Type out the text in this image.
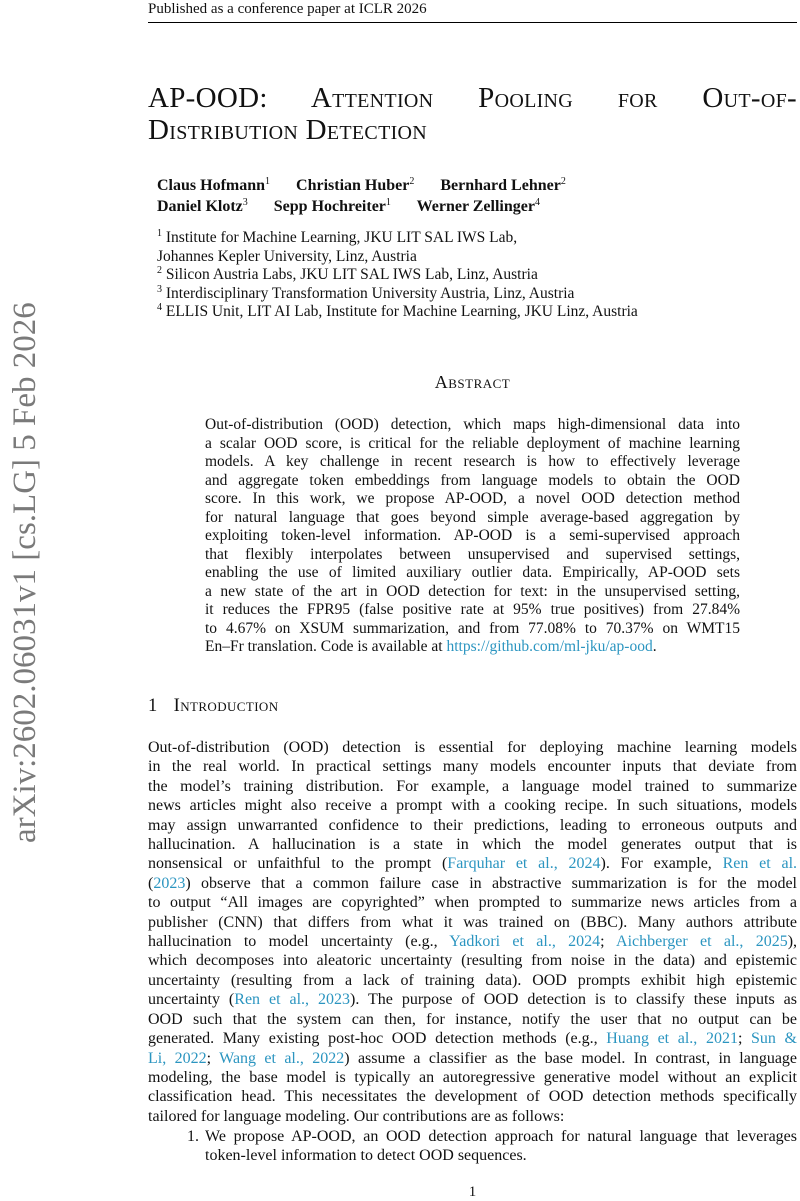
Published as a conference paper at ICLR 2026
arXiv:2602.06031v1 [cs.LG] 5 Feb 2026
AP-OOD: Attention Pooling for Out-of-
Distribution Detection
Claus Hofmann$^1$ Christian Huber$^2$ Bernhard Lehner$^2$
Daniel Klotz$^3$ Sepp Hochreiter$^1$ Werner Zellinger$^4$
$^1$ Institute for Machine Learning, JKU LIT SAL IWS Lab,
Johannes Kepler University, Linz, Austria
$^2$ Silicon Austria Labs, JKU LIT SAL IWS Lab, Linz, Austria
$^3$ Interdisciplinary Transformation University Austria, Linz, Austria
$^4$ ELLIS Unit, LIT AI Lab, Institute for Machine Learning, JKU Linz, Austria
Abstract
Out-of-distribution (OOD) detection, which maps high-dimensional data into
a scalar OOD score, is critical for the reliable deployment of machine learning
models. A key challenge in recent research is how to effectively leverage
and aggregate token embeddings from language models to obtain the OOD
score. In this work, we propose AP-OOD, a novel OOD detection method
for natural language that goes beyond simple average-based aggregation by
exploiting token-level information. AP-OOD is a semi-supervised approach
that flexibly interpolates between unsupervised and supervised settings,
enabling the use of limited auxiliary outlier data. Empirically, AP-OOD sets
a new state of the art in OOD detection for text: in the unsupervised setting,
it reduces the FPR95 (false positive rate at 95% true positives) from 27.84%
to 4.67% on XSUM summarization, and from 77.08% to 70.37% on WMT15
En–Fr translation. Code is available at https://github.com/ml-jku/ap-ood.
1 Introduction
Out-of-distribution (OOD) detection is essential for deploying machine learning models
in the real world. In practical settings many models encounter inputs that deviate from
the model’s training distribution. For example, a language model trained to summarize
news articles might also receive a prompt with a cooking recipe. In such situations, models
may assign unwarranted confidence to their predictions, leading to erroneous outputs and
hallucination. A hallucination is a state in which the model generates output that is
nonsensical or unfaithful to the prompt (Farquhar et al., 2024). For example, Ren et al.
(2023) observe that a common failure case in abstractive summarization is for the model
to output “All images are copyrighted” when prompted to summarize news articles from a
publisher (CNN) that differs from what it was trained on (BBC). Many authors attribute
hallucination to model uncertainty (e.g., Yadkori et al., 2024; Aichberger et al., 2025),
which decomposes into aleatoric uncertainty (resulting from noise in the data) and epistemic
uncertainty (resulting from a lack of training data). OOD prompts exhibit high epistemic
uncertainty (Ren et al., 2023). The purpose of OOD detection is to classify these inputs as
OOD such that the system can then, for instance, notify the user that no output can be
generated. Many existing post-hoc OOD detection methods (e.g., Huang et al., 2021; Sun &
Li, 2022; Wang et al., 2022) assume a classifier as the base model. In contrast, in language
modeling, the base model is typically an autoregressive generative model without an explicit
classification head. This necessitates the development of OOD detection methods specifically
tailored for language modeling. Our contributions are as follows:
1. We propose AP-OOD, an OOD detection approach for natural language that leverages
token-level information to detect OOD sequences.
1
